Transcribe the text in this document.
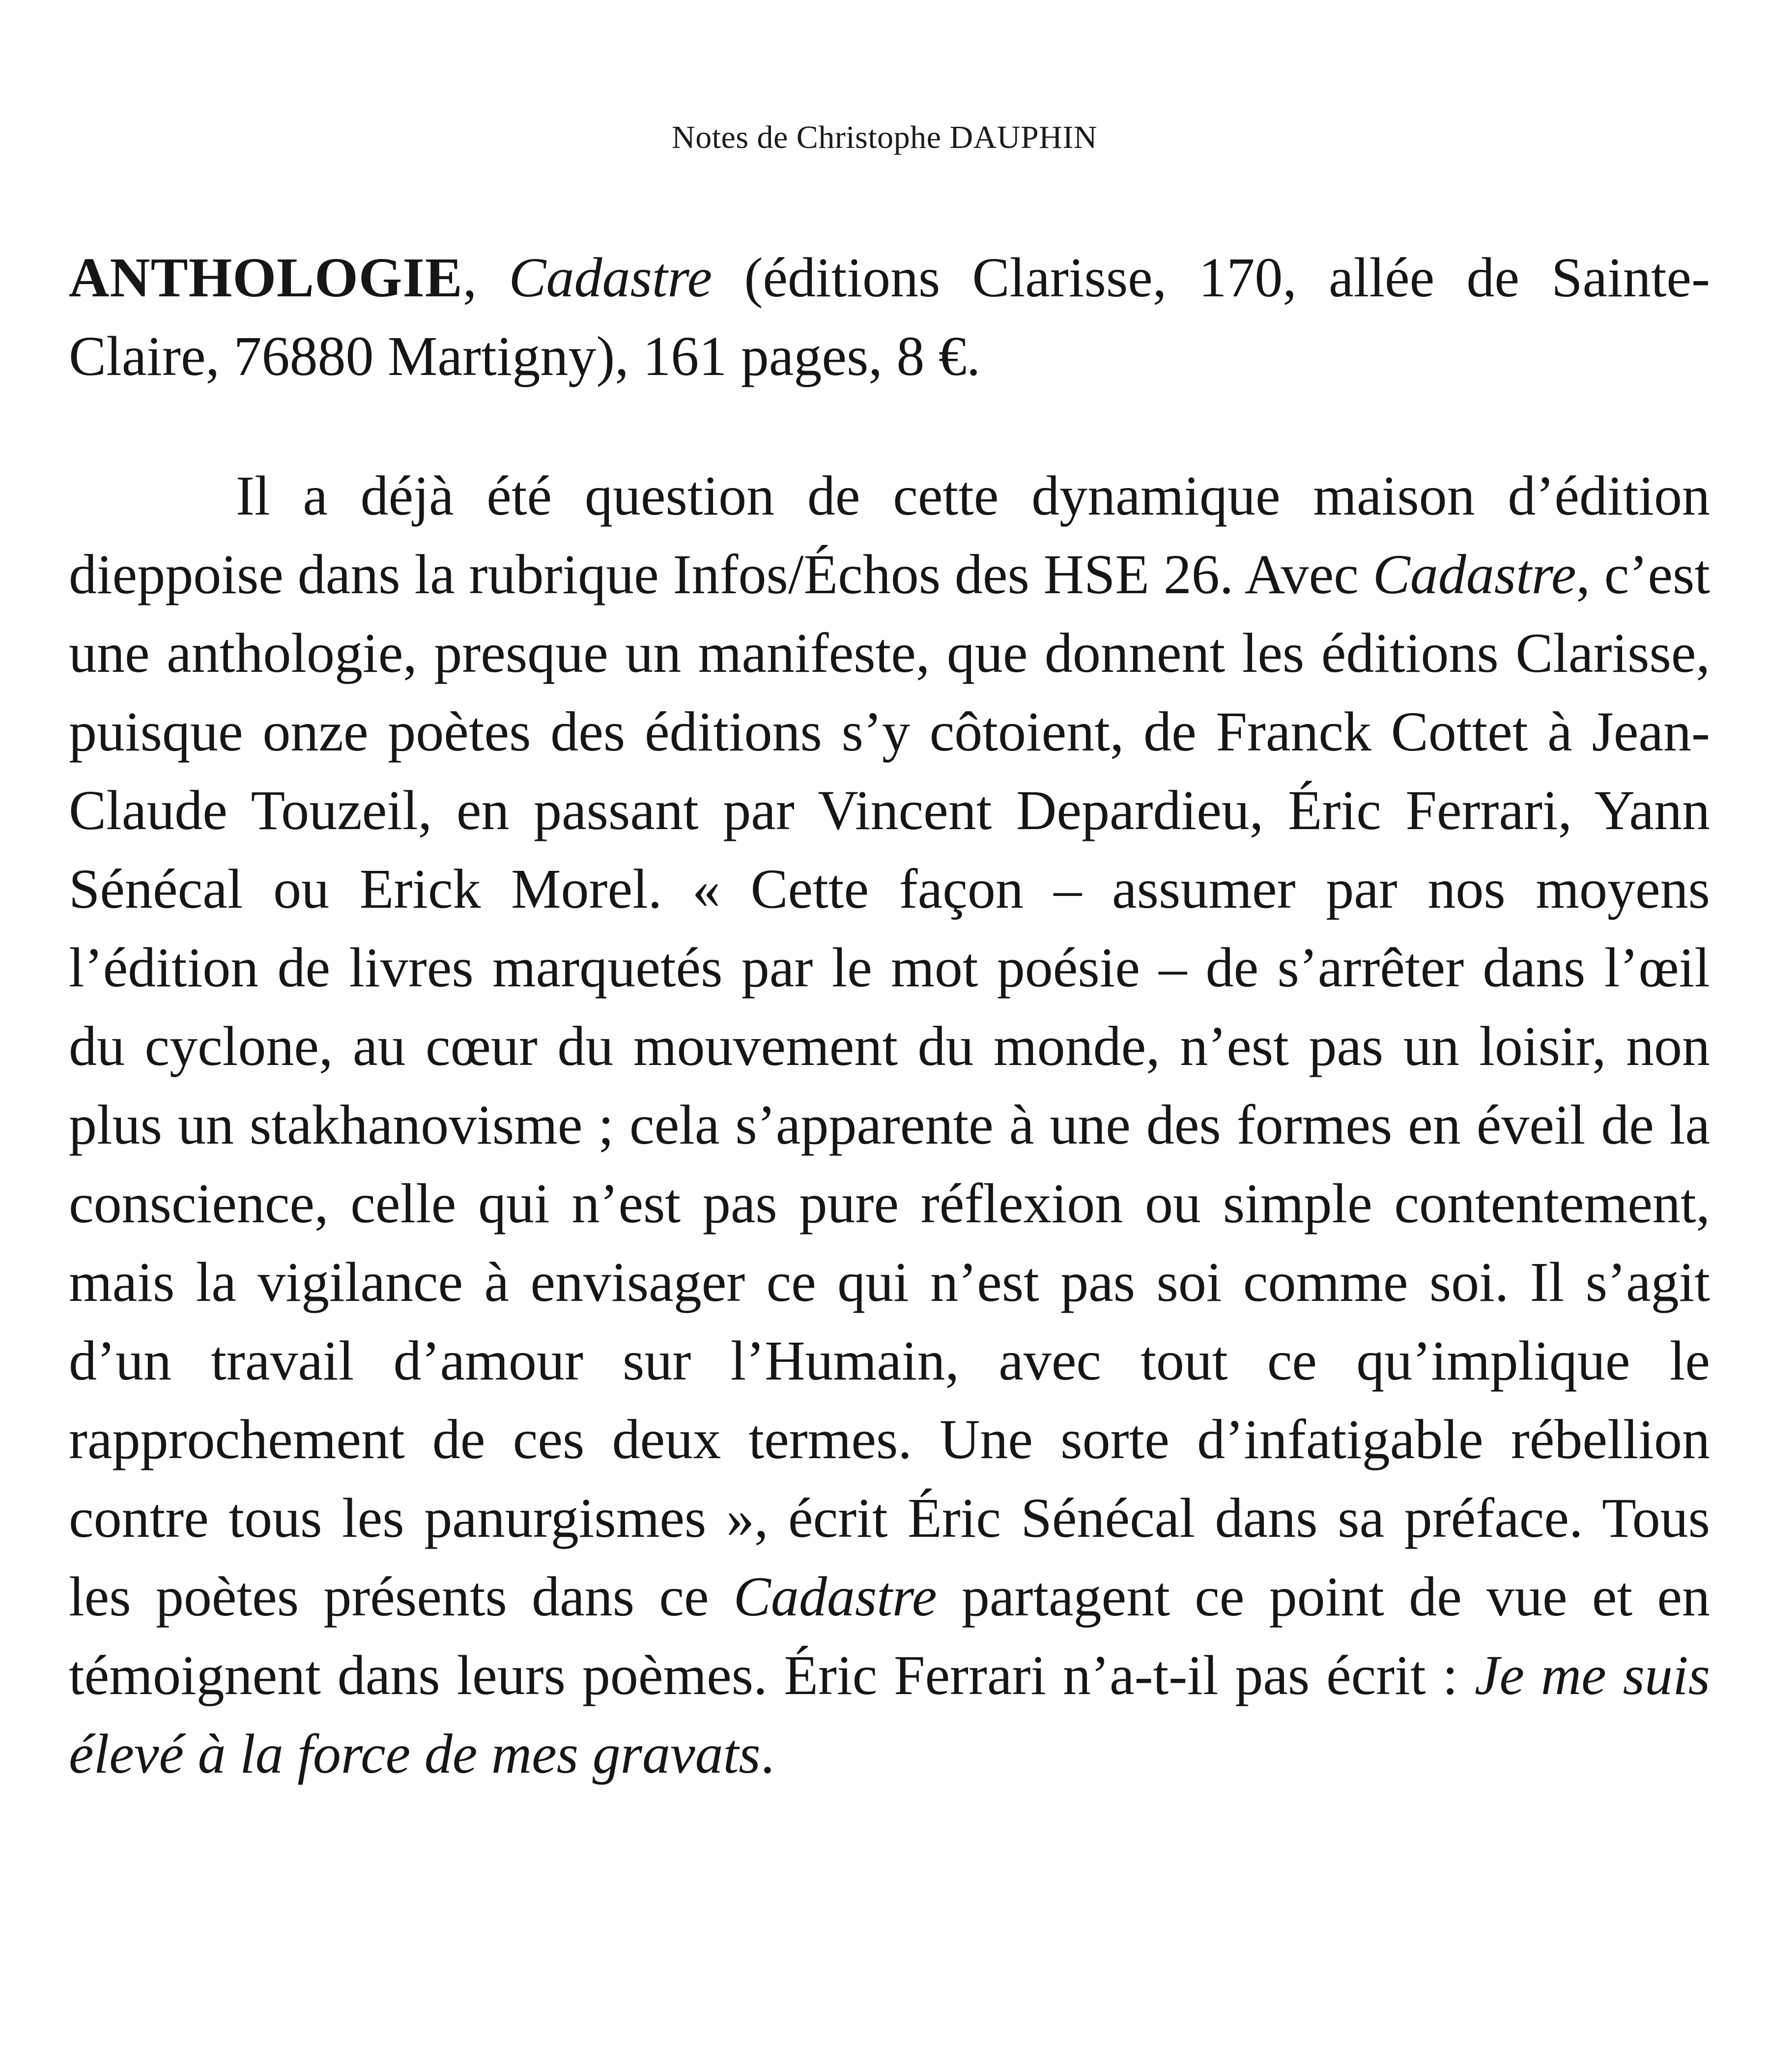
Notes de Christophe DAUPHIN

ANTHOLOGIE, Cadastre (éditions Clarisse, 170, allée de Sainte-Claire, 76880 Martigny), 161 pages, 8 €.

Il a déjà été question de cette dynamique maison d’édition dieppoise dans la rubrique Infos/Échos des HSE 26. Avec Cadastre, c’est une anthologie, presque un manifeste, que donnent les éditions Clarisse, puisque onze poètes des éditions s’y côtoient, de Franck Cottet à Jean-Claude Touzeil, en passant par Vincent Depardieu, Éric Ferrari, Yann Sénécal ou Erick Morel. « Cette façon – assumer par nos moyens l’édition de livres marquetés par le mot poésie – de s’arrêter dans l’œil du cyclone, au cœur du mouvement du monde, n’est pas un loisir, non plus un stakhanovisme ; cela s’apparente à une des formes en éveil de la conscience, celle qui n’est pas pure réflexion ou simple contentement, mais la vigilance à envisager ce qui n’est pas soi comme soi. Il s’agit d’un travail d’amour sur l’Humain, avec tout ce qu’implique le rapprochement de ces deux termes. Une sorte d’infatigable rébellion contre tous les panurgismes », écrit Éric Sénécal dans sa préface. Tous les poètes présents dans ce Cadastre partagent ce point de vue et en témoignent dans leurs poèmes. Éric Ferrari n’a-t-il pas écrit : Je me suis élevé à la force de mes gravats.
